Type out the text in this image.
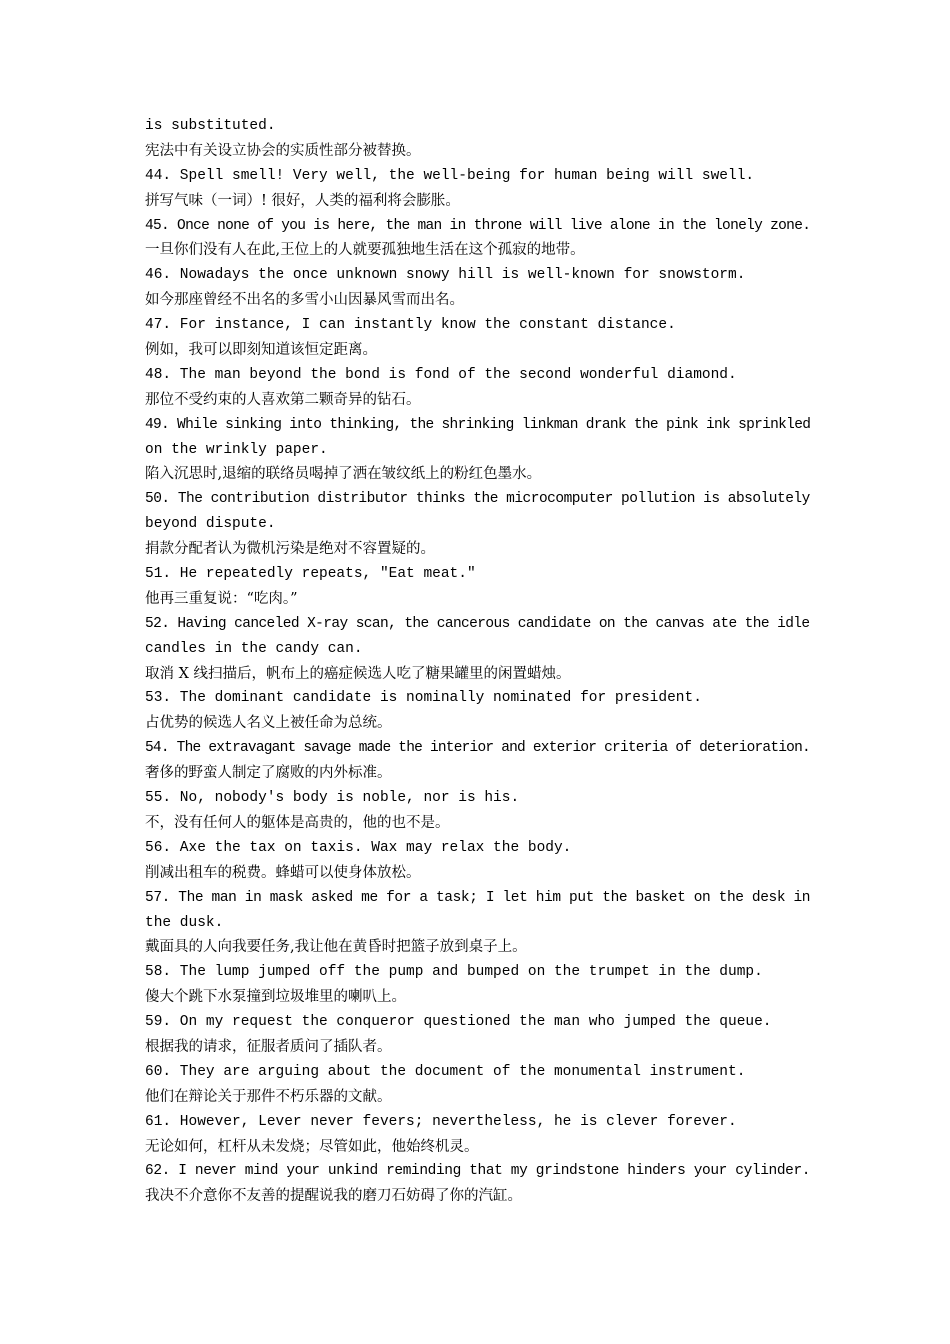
is substituted.
宪法中有关设立协会的实质性部分被替换。
44. Spell smell! Very well, the well-being for human being will swell.
拼写气味（一词）! 很好，人类的福利将会膨胀。
45. Once none of you is here, the man in throne will live alone in the lonely zone.
一旦你们没有人在此,王位上的人就要孤独地生活在这个孤寂的地带。
46. Nowadays the once unknown snowy hill is well-known for snowstorm.
如今那座曾经不出名的多雪小山因暴风雪而出名。
47. For instance, I can instantly know the constant distance.
例如，我可以即刻知道该恒定距离。
48. The man beyond the bond is fond of the second wonderful diamond.
那位不受约束的人喜欢第二颗奇异的钻石。
49. While sinking into thinking, the shrinking linkman drank the pink ink sprinkled
on the wrinkly paper.
陷入沉思时,退缩的联络员喝掉了洒在皱纹纸上的粉红色墨水。
50. The contribution distributor thinks the microcomputer pollution is absolutely
beyond dispute.
捐款分配者认为微机污染是绝对不容置疑的。
51. He repeatedly repeats, "Eat meat."
他再三重复说：“吃肉。”
52. Having canceled X-ray scan, the cancerous candidate on the canvas ate the idle
candles in the candy can.
取消 X 线扫描后，帆布上的癌症候选人吃了糖果罐里的闲置蜡烛。
53. The dominant candidate is nominally nominated for president.
占优势的候选人名义上被任命为总统。
54. The extravagant savage made the interior and exterior criteria of deterioration.
奢侈的野蛮人制定了腐败的内外标准。
55. No, nobody's body is noble, nor is his.
不，没有任何人的躯体是高贵的，他的也不是。
56. Axe the tax on taxis. Wax may relax the body.
削减出租车的税费。蜂蜡可以使身体放松。
57. The man in mask asked me for a task; I let him put the basket on the desk in
the dusk.
戴面具的人向我要任务,我让他在黄昏时把篮子放到桌子上。
58. The lump jumped off the pump and bumped on the trumpet in the dump.
傻大个跳下水泵撞到垃圾堆里的喇叭上。
59. On my request the conqueror questioned the man who jumped the queue.
根据我的请求，征服者质问了插队者。
60. They are arguing about the document of the monumental instrument.
他们在辩论关于那件不朽乐器的文献。
61. However, Lever never fevers; nevertheless, he is clever forever.
无论如何，杠杆从未发烧；尽管如此，他始终机灵。
62. I never mind your unkind reminding that my grindstone hinders your cylinder.
我决不介意你不友善的提醒说我的磨刀石妨碍了你的汽缸。
